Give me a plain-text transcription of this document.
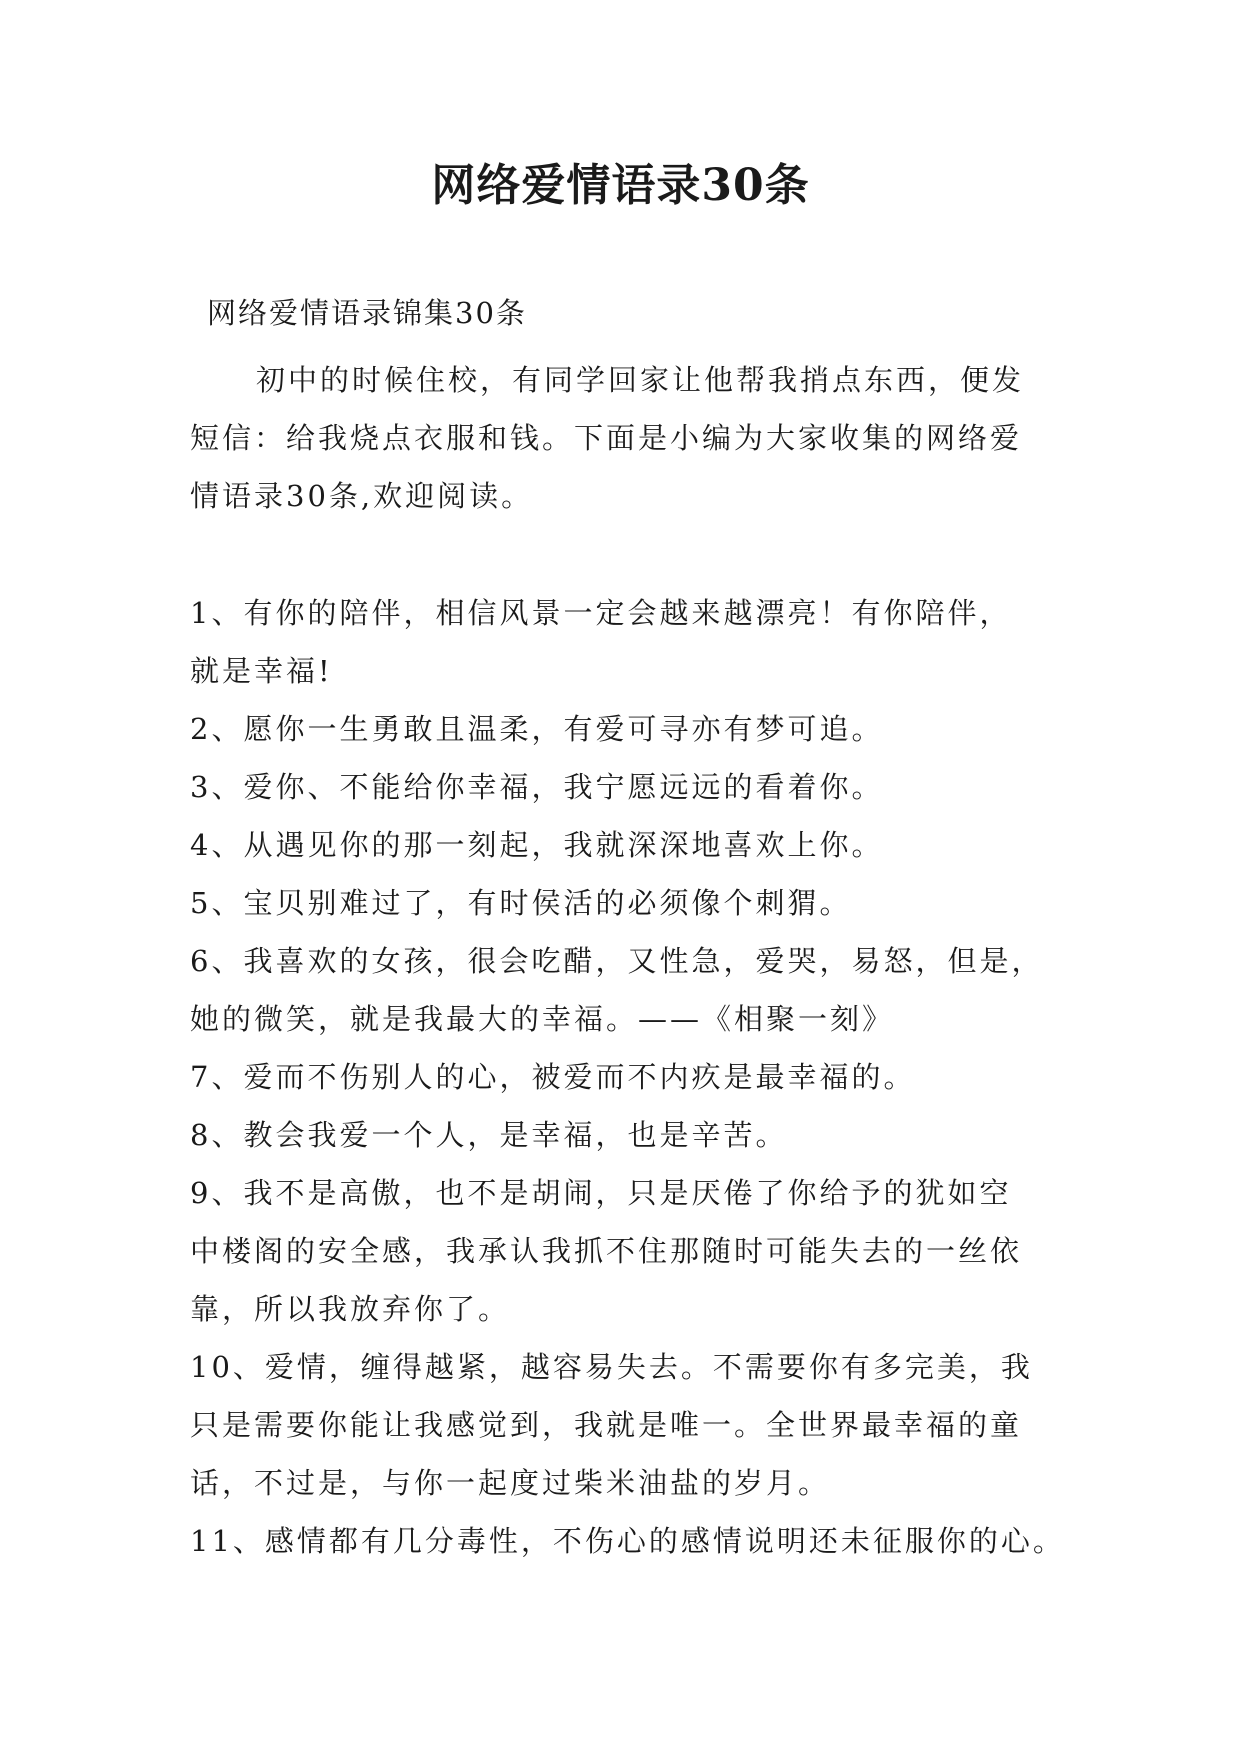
网络爱情语录30条
网络爱情语录锦集30条
初中的时候住校，有同学回家让他帮我捎点东西，便发
短信：给我烧点衣服和钱。下面是小编为大家收集的网络爱
情语录30条,欢迎阅读。
1、有你的陪伴，相信风景一定会越来越漂亮！有你陪伴，
就是幸福!
2、愿你一生勇敢且温柔，有爱可寻亦有梦可追。
3、爱你、不能给你幸福，我宁愿远远的看着你。
4、从遇见你的那一刻起，我就深深地喜欢上你。
5、宝贝别难过了，有时侯活的必须像个刺猬。
6、我喜欢的女孩，很会吃醋，又性急，爱哭，易怒，但是，
她的微笑，就是我最大的幸福。——《相聚一刻》
7、爱而不伤别人的心，被爱而不内疚是最幸福的。
8、教会我爱一个人，是幸福，也是辛苦。
9、我不是高傲，也不是胡闹，只是厌倦了你给予的犹如空
中楼阁的安全感，我承认我抓不住那随时可能失去的一丝依
靠，所以我放弃你了。
10、爱情，缠得越紧，越容易失去。不需要你有多完美，我
只是需要你能让我感觉到，我就是唯一。全世界最幸福的童
话，不过是，与你一起度过柴米油盐的岁月。
11、感情都有几分毒性，不伤心的感情说明还未征服你的心。
